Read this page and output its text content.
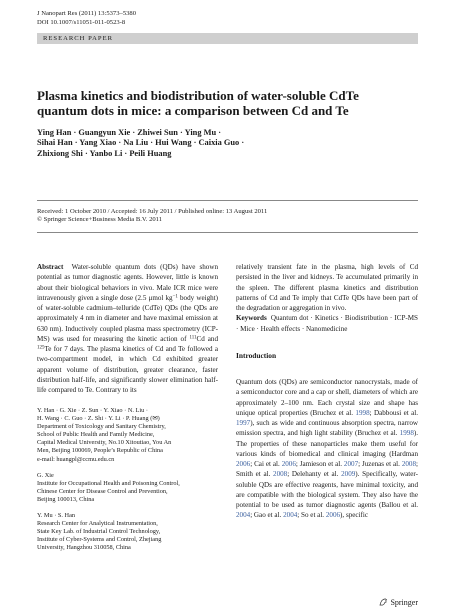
J Nanopart Res (2011) 13:5373–5380
DOI 10.1007/s11051-011-0523-8
RESEARCH PAPER
Plasma kinetics and biodistribution of water-soluble CdTe
quantum dots in mice: a comparison between Cd and Te
Ying Han · Guangyun Xie · Zhiwei Sun · Ying Mu ·
Sihai Han · Yang Xiao · Na Liu · Hui Wang · Caixia Guo ·
Zhixiong Shi · Yanbo Li · Peili Huang
Received: 1 October 2010 / Accepted: 16 July 2011 / Published online: 13 August 2011
© Springer Science+Business Media B.V. 2011

Abstract Water-soluble quantum dots (QDs) have shown potential as tumor diagnostic agents. However, little is known about their biological behaviors in vivo. Male ICR mice were intravenously given a single dose (2.5 μmol $kg^{-1}$ body weight) of water-soluble cadmium–telluride (CdTe) QDs (the QDs are approximately 4 nm in diameter and have maximal emission at 630 nm). Inductively coupled plasma mass spectrometry (ICP-MS) was used for measuring the kinetic action of $^{111}$Cd and $^{125}$Te for 7 days. The plasma kinetics of Cd and Te followed a two-compartment model, in which Cd exhibited greater apparent volume of distribution, greater clearance, faster distribution half-life, and significantly slower elimination half-life compared to Te. Contrary to its

Y. Han · G. Xie · Z. Sun · Y. Xiao · N. Liu ·
H. Wang · C. Guo · Z. Shi · Y. Li · P. Huang (✉)
Department of Toxicology and Sanitary Chemistry,
School of Public Health and Family Medicine,
Capital Medical University, No.10 Xitoutiao, You An
Men, Beijing 100069, People’s Republic of China
e-mail: huangpl@ccmu.edu.cn

G. Xie
Institute for Occupational Health and Poisoning Control,
Chinese Center for Disease Control and Prevention,
Beijing 100013, China

Y. Mu · S. Han
Research Center for Analytical Instrumentation,
State Key Lab. of Industrial Control Technology,
Institute of Cyber-Systems and Control, Zhejiang
University, Hangzhou 310058, China

relatively transient fate in the plasma, high levels of Cd persisted in the liver and kidneys. Te accumulated primarily in the spleen. The different plasma kinetics and distribution patterns of Cd and Te imply that CdTe QDs have been part of the degradation or aggregation in vivo.

Keywords Quantum dot · Kinetics · Biodistribution · ICP-MS · Mice · Health effects · Nanomedicine

Introduction

Quantum dots (QDs) are semiconductor nanocrystals, made of a semiconductor core and a cap or shell, diameters of which are approximately 2–100 nm. Each crystal size and shape has unique optical properties (Bruchez et al. 1998; Dabbousi et al. 1997), such as wide and continuous absorption spectra, narrow emission spectra, and high light stability (Bruchez et al. 1998). The properties of these nanoparticles make them useful for various kinds of biomedical and clinical imaging (Hardman 2006; Cai et al. 2006; Jamieson et al. 2007; Juzenas et al. 2008; Smith et al. 2008; Delehanty et al. 2009). Specifically, water-soluble QDs are effective reagents, have minimal toxicity, and are compatible with the biological system. They also have the potential to be used as tumor diagnostic agents (Ballou et al. 2004; Gao et al. 2004; So et al. 2006), specific

Springer
